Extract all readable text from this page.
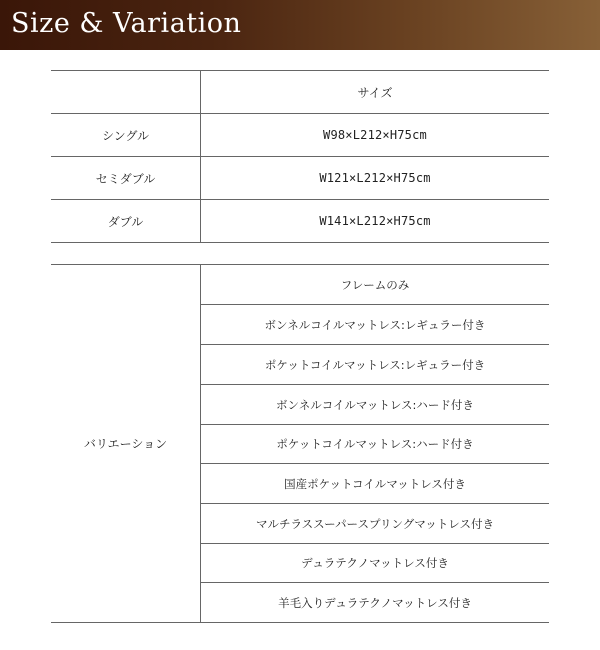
Size & Variation
サイズ
シングル	W98×L212×H75cm
セミダブル	W121×L212×H75cm
ダブル	W141×L212×H75cm
バリエーション
フレームのみ
ボンネルコイルマットレス:レギュラー付き
ポケットコイルマットレス:レギュラー付き
ボンネルコイルマットレス:ハード付き
ポケットコイルマットレス:ハード付き
国産ポケットコイルマットレス付き
マルチラススーパースプリングマットレス付き
デュラテクノマットレス付き
羊毛入りデュラテクノマットレス付き
